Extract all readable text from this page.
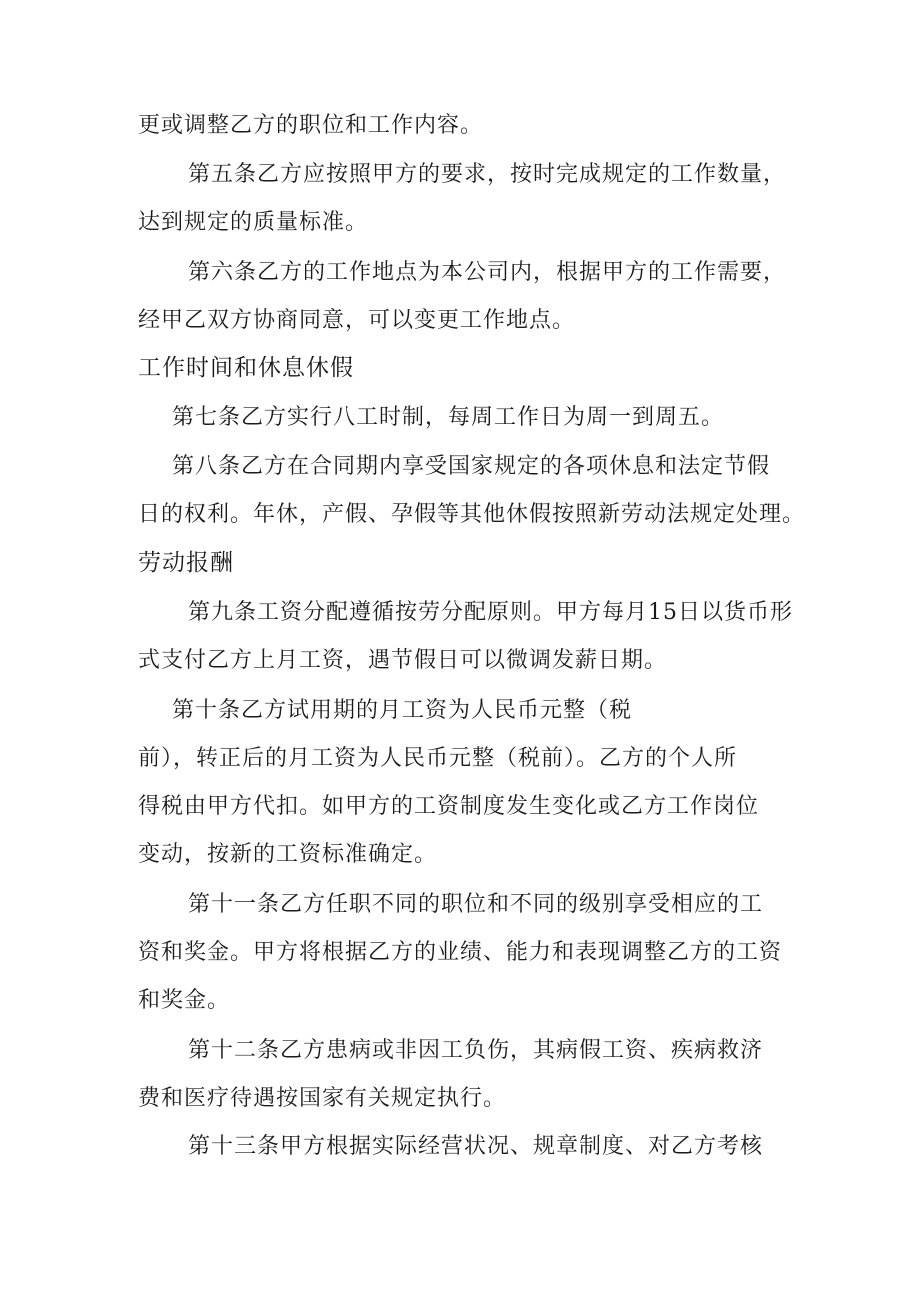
更或调整乙方的职位和工作内容。
第五条乙方应按照甲方的要求，按时完成规定的工作数量，
达到规定的质量标准。
第六条乙方的工作地点为本公司内，根据甲方的工作需要，
经甲乙双方协商同意，可以变更工作地点。
工作时间和休息休假
第七条乙方实行八工时制，每周工作日为周一到周五。
第八条乙方在合同期内享受国家规定的各项休息和法定节假
日的权利。年休，产假、孕假等其他休假按照新劳动法规定处理。
劳动报酬
第九条工资分配遵循按劳分配原则。甲方每月15日以货币形
式支付乙方上月工资，遇节假日可以微调发薪日期。
第十条乙方试用期的月工资为人民币元整（税
前），转正后的月工资为人民币元整（税前）。乙方的个人所
得税由甲方代扣。如甲方的工资制度发生变化或乙方工作岗位
变动，按新的工资标准确定。
第十一条乙方任职不同的职位和不同的级别享受相应的工
资和奖金。甲方将根据乙方的业绩、能力和表现调整乙方的工资
和奖金。
第十二条乙方患病或非因工负伤，其病假工资、疾病救济
费和医疗待遇按国家有关规定执行。
第十三条甲方根据实际经营状况、规章制度、对乙方考核
